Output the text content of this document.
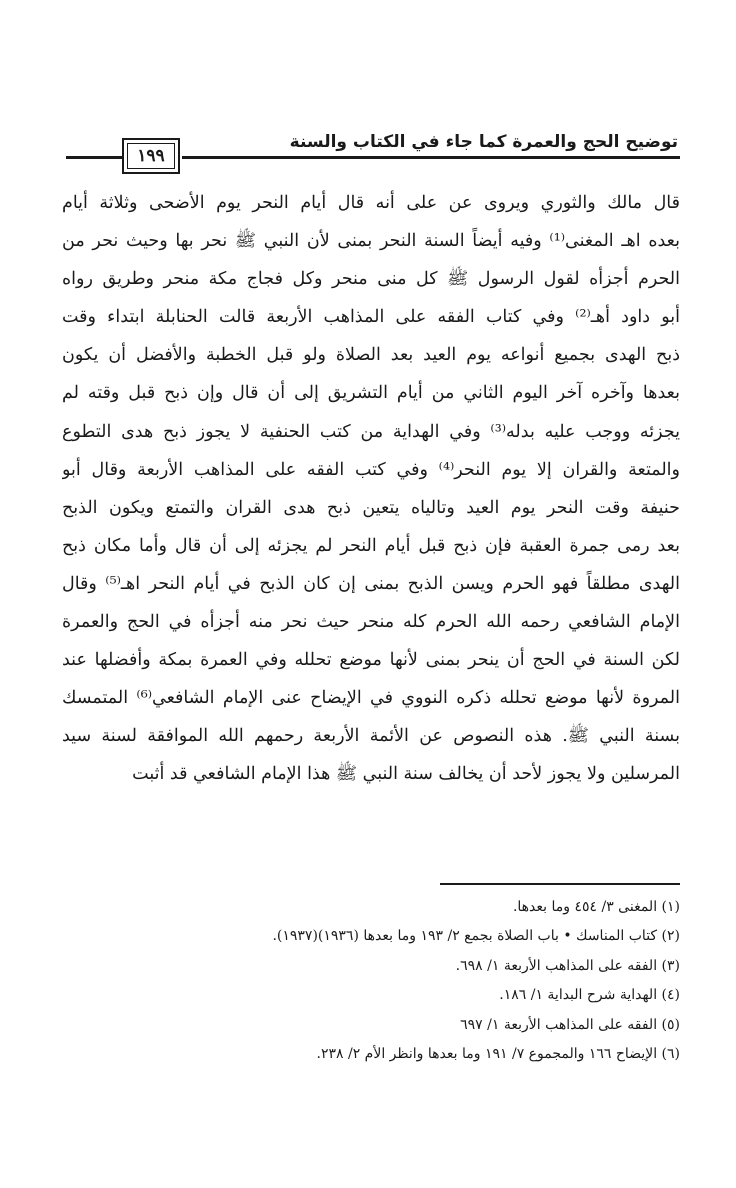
توضيح الحج والعمرة كما جاء في الكتاب والسنة
١٩٩
قال مالك والثوري ويروى عن على أنه قال أيام النحر يوم الأضحى وثلاثة أيام
بعده اهـ المغنى⁽¹⁾ وفيه أيضاً السنة النحر بمنى لأن النبي ﷺ نحر بها وحيث نحر من
الحرم أجزأه لقول الرسول ﷺ كل منى منحر وكل فجاج مكة منحر وطريق رواه
أبو داود أهـ⁽²⁾ وفي كتاب الفقه على المذاهب الأربعة قالت الحنابلة ابتداء وقت
ذبح الهدى بجميع أنواعه يوم العيد بعد الصلاة ولو قبل الخطبة والأفضل أن يكون
بعدها وآخره آخر اليوم الثاني من أيام التشريق إلى أن قال وإن ذبح قبل وقته لم
يجزئه ووجب عليه بدله⁽³⁾ وفي الهداية من كتب الحنفية لا يجوز ذبح هدى التطوع
والمتعة والقران إلا يوم النحر⁽⁴⁾ وفي كتب الفقه على المذاهب الأربعة وقال أبو
حنيفة وقت النحر يوم العيد وتالياه يتعين ذبح هدى القران والتمتع ويكون الذبح
بعد رمى جمرة العقبة فإن ذبح قبل أيام النحر لم يجزئه إلى أن قال وأما مكان ذبح
الهدى مطلقاً فهو الحرم ويسن الذبح بمنى إن كان الذبح في أيام النحر اهـ⁽⁵⁾ وقال
الإمام الشافعي رحمه الله الحرم كله منحر حيث نحر منه أجزأه في الحج والعمرة
لكن السنة في الحج أن ينحر بمنى لأنها موضع تحلله وفي العمرة بمكة وأفضلها عند
المروة لأنها موضع تحلله ذكره النووي في الإيضاح عنى الإمام الشافعي⁽⁶⁾ المتمسك
بسنة النبي ﷺ. هذه النصوص عن الأئمة الأربعة رحمهم الله الموافقة لسنة سيد
المرسلين ولا يجوز لأحد أن يخالف سنة النبي ﷺ هذا الإمام الشافعي قد أثبت
(١) المغنى ٣/ ٤٥٤ وما بعدها.
(٢) كتاب المناسك • باب الصلاة بجمع ٢/ ١٩٣ وما بعدها (١٩٣٦)(١٩٣٧).
(٣) الفقه على المذاهب الأربعة ١/ ٦٩٨.
(٤) الهداية شرح البداية ١/ ١٨٦.
(٥) الفقه على المذاهب الأربعة ١/ ٦٩٧
(٦) الإيضاح ١٦٦ والمجموع ٧/ ١٩١ وما بعدها وانظر الأم ٢/ ٢٣٨.
